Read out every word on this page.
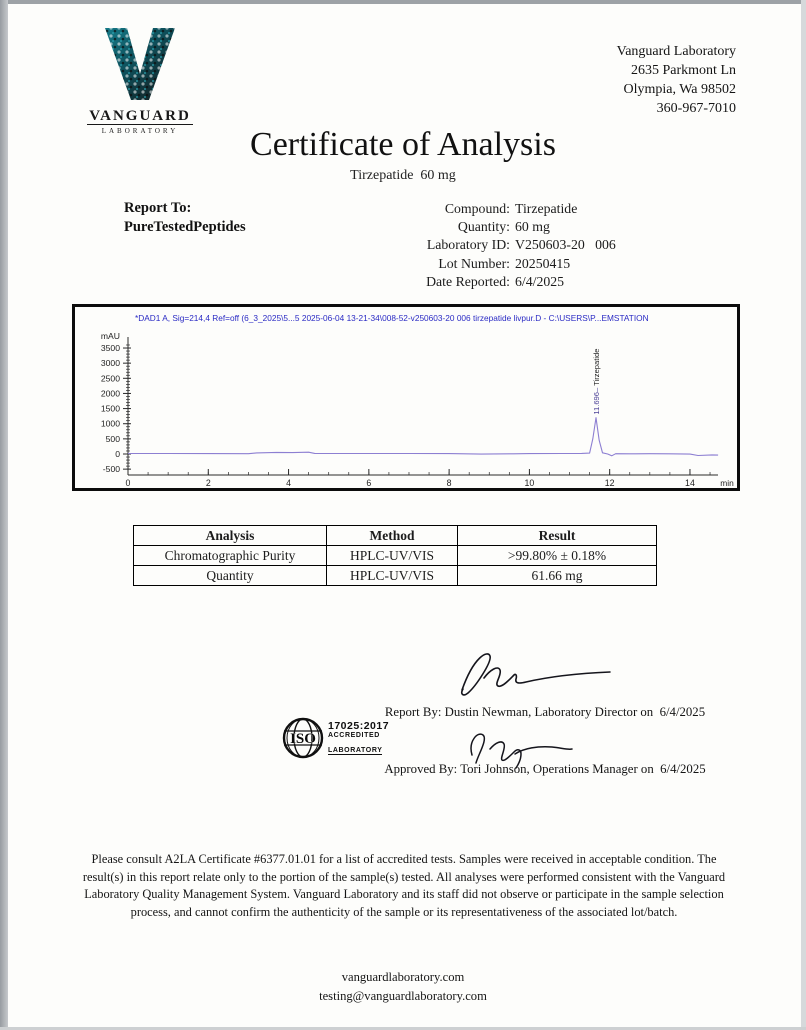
VANGUARD
LABORATORY
Vanguard Laboratory
2635 Parkmont Ln
Olympia, Wa 98502
360-967-7010
Certificate of Analysis
Tirzepatide  60 mg
Report To:
PureTestedPeptides
Compound: Tirzepatide
Quantity: 60 mg
Laboratory ID: V250603-20   006
Lot Number: 20250415
Date Reported: 6/4/2025
*DAD1 A, Sig=214,4 Ref=off (6_3_2025\5...5 2025-06-04 13-21-34\008-52-v250603-20 006 tirzepatide livpur.D - C:\USERS\P...EMSTATION
3500
3000
2500
2000
1500
1000
500
0
-500
mAU
0	2	4	6	8	10	12	14	min
11.696– Tirzepatide
Analysis	Method	Result
Chromatographic Purity	HPLC-UV/VIS	>99.80% ± 0.18%
Quantity	HPLC-UV/VIS	61.66 mg
Report By: Dustin Newman, Laboratory Director on  6/4/2025
ISO
17025:2017
ACCREDITED
LABORATORY
Approved By: Tori Johnson, Operations Manager on  6/4/2025
Please consult A2LA Certificate #6377.01.01 for a list of accredited tests. Samples were received in acceptable condition. The result(s) in this report relate only to the portion of the sample(s) tested. All analyses were performed consistent with the Vanguard Laboratory Quality Management System. Vanguard Laboratory and its staff did not observe or participate in the sample selection process, and cannot confirm the authenticity of the sample or its representativeness of the associated lot/batch.
vanguardlaboratory.com
testing@vanguardlaboratory.com
